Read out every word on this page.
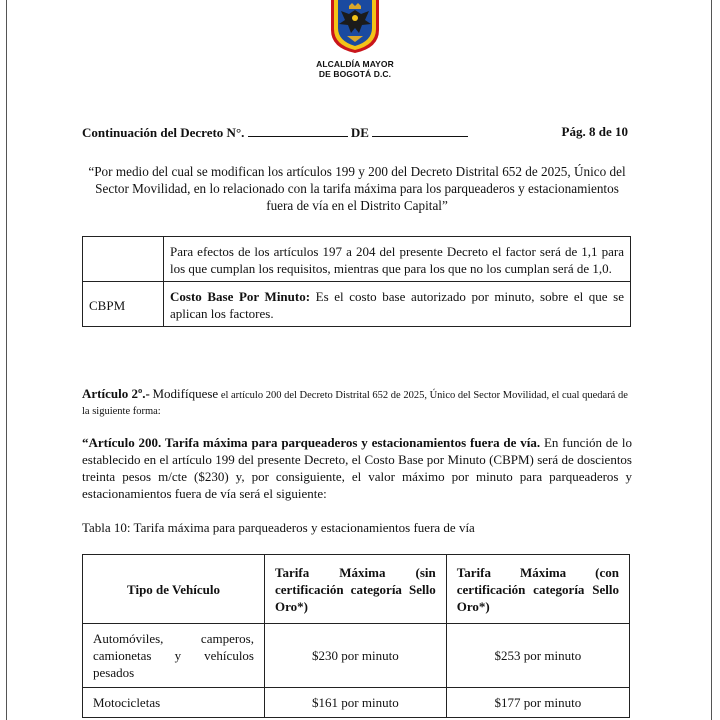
ALCALDÍA MAYOR
DE BOGOTÁ D.C.
Continuación del Decreto N°.	DE	Pág. 8 de 10
“Por medio del cual se modifican los artículos 199 y 200 del Decreto Distrital 652 de 2025, Único del Sector Movilidad, en lo relacionado con la tarifa máxima para los parqueaderos y estacionamientos fuera de vía en el Distrito Capital”
	Para efectos de los artículos 197 a 204 del presente Decreto el factor será de 1,1 para los que cumplan los requisitos, mientras que para los que no los cumplan será de 1,0.
CBPM	Costo Base Por Minuto: Es el costo base autorizado por minuto, sobre el que se aplican los factores.
Artículo 2º.- Modifíquese el artículo 200 del Decreto Distrital 652 de 2025, Único del Sector Movilidad, el cual quedará de la siguiente forma:
“Artículo 200. Tarifa máxima para parqueaderos y estacionamientos fuera de vía. En función de lo establecido en el artículo 199 del presente Decreto, el Costo Base por Minuto (CBPM) será de doscientos treinta pesos m/cte ($230) y, por consiguiente, el valor máximo por minuto para parqueaderos y estacionamientos fuera de vía será el siguiente:
Tabla 10: Tarifa máxima para parqueaderos y estacionamientos fuera de vía
Tipo de Vehículo	Tarifa Máxima (sin certificación categoría Sello Oro*)	Tarifa Máxima (con certificación categoría Sello Oro*)
Automóviles, camperos, camionetas y vehículos pesados	$230 por minuto	$253 por minuto
Motocicletas	$161 por minuto	$177 por minuto
